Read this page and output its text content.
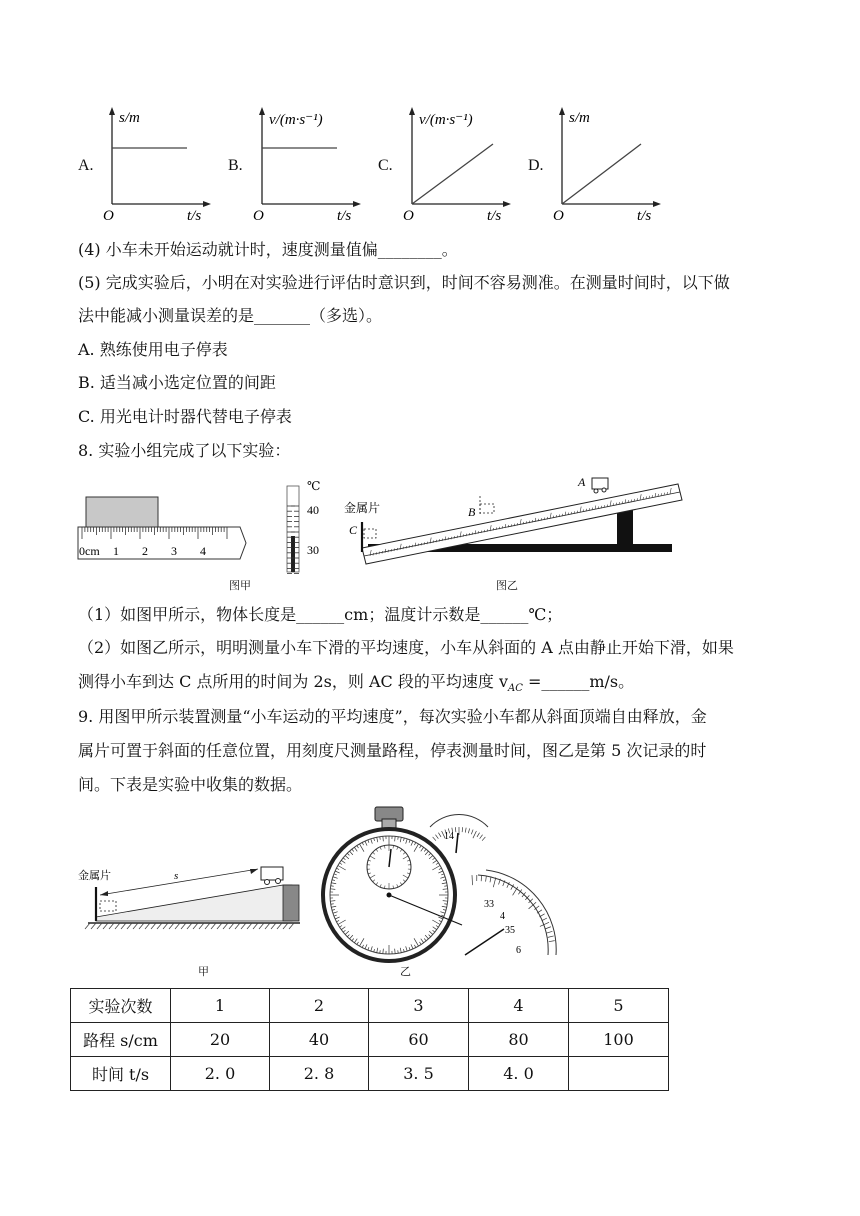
A.	B.	C.	D.
s/m
O	t/s
v/(m·s⁻¹)
O	t/s
v/(m·s⁻¹)
O	t/s
s/m
O	t/s
(4) 小车未开始运动就计时，速度测量值偏________。
(5) 完成实验后，小明在对实验进行评估时意识到，时间不容易测准。在测量时间时，以下做
法中能减小测量误差的是_______（多选）。
A. 熟练使用电子停表
B. 适当减小选定位置的间距
C. 用光电计时器代替电子停表
8. 实验小组完成了以下实验：
0cm 1 2 3 4
℃
40
30
金属片
A
B
C
图甲	图乙
（1）如图甲所示，物体长度是______cm；温度计示数是______℃；
（2）如图乙所示，明明测量小车下滑的平均速度，小车从斜面的 A 点由静止开始下滑，如果
测得小车到达 C 点所用的时间为 2s，则 AC 段的平均速度 $v_{AC}$ =______m/s。
9. 用图甲所示装置测量“小车运动的平均速度”，每次实验小车都从斜面顶端自由释放，金
属片可置于斜面的任意位置，用刻度尺测量路程，停表测量时间，图乙是第 5 次记录的时
间。下表是实验中收集的数据。
金属片	s
14
33
4
35
6
甲	乙
实验次数	1	2	3	4	5
路程 s/cm	20	40	60	80	100
时间 t/s	2. 0	2. 8	3. 5	4. 0	
